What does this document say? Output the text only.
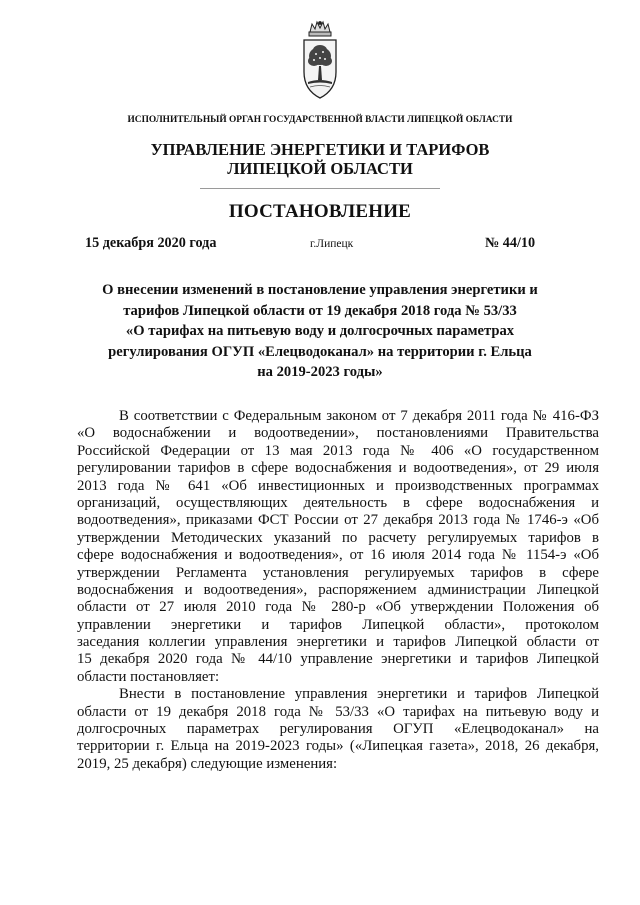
ИСПОЛНИТЕЛЬНЫЙ ОРГАН ГОСУДАРСТВЕННОЙ ВЛАСТИ ЛИПЕЦКОЙ ОБЛАСТИ
УПРАВЛЕНИЕ ЭНЕРГЕТИКИ И ТАРИФОВ
ЛИПЕЦКОЙ ОБЛАСТИ
ПОСТАНОВЛЕНИЕ
15 декабря 2020 года	г.Липецк	№ 44/10
О внесении изменений в постановление управления энергетики и
тарифов Липецкой области от 19 декабря 2018 года № 53/33
«О тарифах на питьевую воду и долгосрочных параметрах
регулирования ОГУП «Елецводоканал» на территории г. Ельца
на 2019-2023 годы»
В соответствии с Федеральным законом от 7 декабря 2011 года № 416-ФЗ
«О водоснабжении и водоотведении», постановлениями Правительства
Российской Федерации от 13 мая 2013 года № 406 «О государственном
регулировании тарифов в сфере водоснабжения и водоотведения», от 29 июля
2013 года № 641 «Об инвестиционных и производственных программах
организаций, осуществляющих деятельность в сфере водоснабжения и
водоотведения», приказами ФСТ России от 27 декабря 2013 года № 1746-э «Об
утверждении Методических указаний по расчету регулируемых тарифов в
сфере водоснабжения и водоотведения», от 16 июля 2014 года № 1154-э «Об
утверждении Регламента установления регулируемых тарифов в сфере
водоснабжения и водоотведения», распоряжением администрации Липецкой
области от 27 июля 2010 года № 280-р «Об утверждении Положения об
управлении энергетики и тарифов Липецкой области», протоколом
заседания коллегии управления энергетики и тарифов Липецкой области от
15 декабря 2020 года № 44/10 управление энергетики и тарифов Липецкой
области постановляет:
Внести в постановление управления энергетики и тарифов Липецкой
области от 19 декабря 2018 года № 53/33 «О тарифах на питьевую воду и
долгосрочных параметрах регулирования ОГУП «Елецводоканал» на
территории г. Ельца на 2019-2023 годы» («Липецкая газета», 2018, 26 декабря,
2019, 25 декабря) следующие изменения:
